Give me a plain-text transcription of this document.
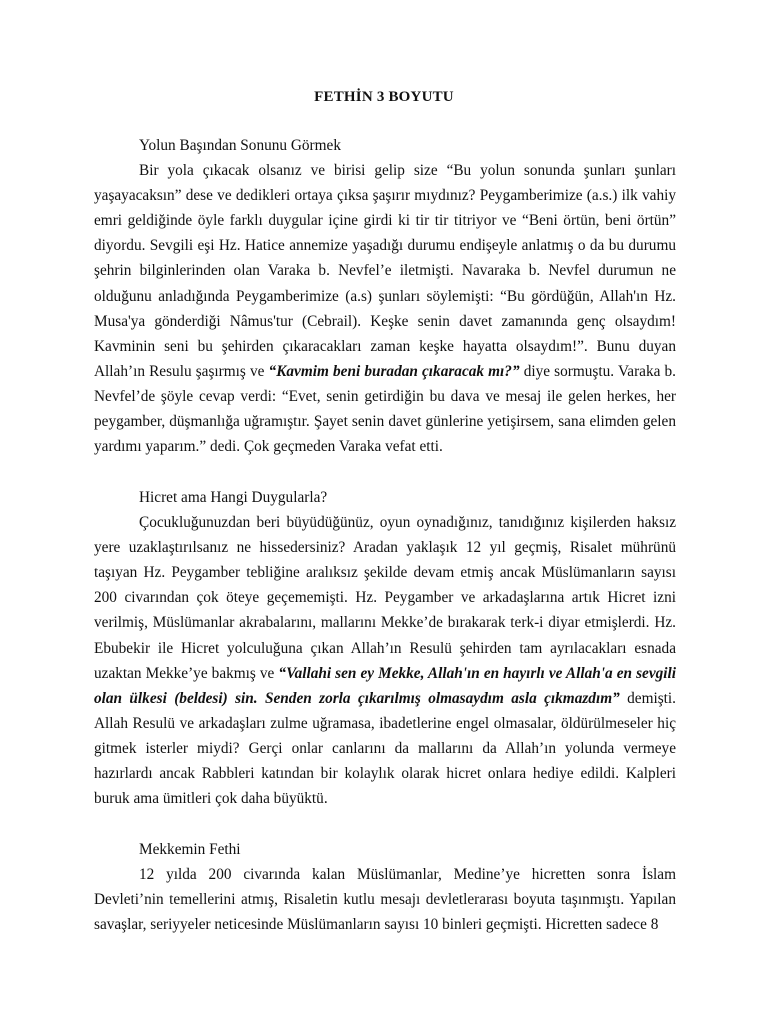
FETHİN 3 BOYUTU

Yolun Başından Sonunu Görmek

Bir yola çıkacak olsanız ve birisi gelip size “Bu yolun sonunda şunları şunları yaşayacaksın” dese ve dedikleri ortaya çıksa şaşırır mıydınız? Peygamberimize (a.s.) ilk vahiy emri geldiğinde öyle farklı duygular içine girdi ki tir tir titriyor ve “Beni örtün, beni örtün” diyordu. Sevgili eşi Hz. Hatice annemize yaşadığı durumu endişeyle anlatmış o da bu durumu şehrin bilginlerinden olan Varaka b. Nevfel’e iletmişti. Navaraka b. Nevfel durumun ne olduğunu anladığında Peygamberimize (a.s) şunları söylemişti: “Bu gördüğün, Allah'ın Hz. Musa'ya gönderdiği Nâmus'tur (Cebrail). Keşke senin davet zamanında genç olsaydım! Kavminin seni bu şehirden çıkaracakları zaman keşke hayatta olsaydım!”. Bunu duyan Allah’ın Resulu şaşırmış ve “Kavmim beni buradan çıkaracak mı?” diye sormuştu. Varaka b. Nevfel’de şöyle cevap verdi: “Evet, senin getirdiğin bu dava ve mesaj ile gelen herkes, her peygamber, düşmanlığa uğramıştır. Şayet senin davet günlerine yetişirsem, sana elimden gelen yardımı yaparım.” dedi. Çok geçmeden Varaka vefat etti.

Hicret ama Hangi Duygularla?

Çocukluğunuzdan beri büyüdüğünüz, oyun oynadığınız, tanıdığınız kişilerden haksız yere uzaklaştırılsanız ne hissedersiniz? Aradan yaklaşık 12 yıl geçmiş, Risalet mührünü taşıyan Hz. Peygamber tebliğine aralıksız şekilde devam etmiş ancak Müslümanların sayısı 200 civarından çok öteye geçememişti. Hz. Peygamber ve arkadaşlarına artık Hicret izni verilmiş, Müslümanlar akrabalarını, mallarını Mekke’de bırakarak terk-i diyar etmişlerdi. Hz. Ebubekir ile Hicret yolculuğuna çıkan Allah’ın Resulü şehirden tam ayrılacakları esnada uzaktan Mekke’ye bakmış ve “Vallahi sen ey Mekke, Allah'ın en hayırlı ve Allah'a en sevgili olan ülkesi (beldesi) sin. Senden zorla çıkarılmış olmasaydım asla çıkmazdım” demişti. Allah Resulü ve arkadaşları zulme uğramasa, ibadetlerine engel olmasalar, öldürülmeseler hiç gitmek isterler miydi? Gerçi onlar canlarını da mallarını da Allah’ın yolunda vermeye hazırlardı ancak Rabbleri katından bir kolaylık olarak hicret onlara hediye edildi. Kalpleri buruk ama ümitleri çok daha büyüktü.

Mekkemin Fethi

12 yılda 200 civarında kalan Müslümanlar, Medine’ye hicretten sonra İslam Devleti’nin temellerini atmış, Risaletin kutlu mesajı devletlerarası boyuta taşınmıştı. Yapılan savaşlar, seriyyeler neticesinde Müslümanların sayısı 10 binleri geçmişti. Hicretten sadece 8
